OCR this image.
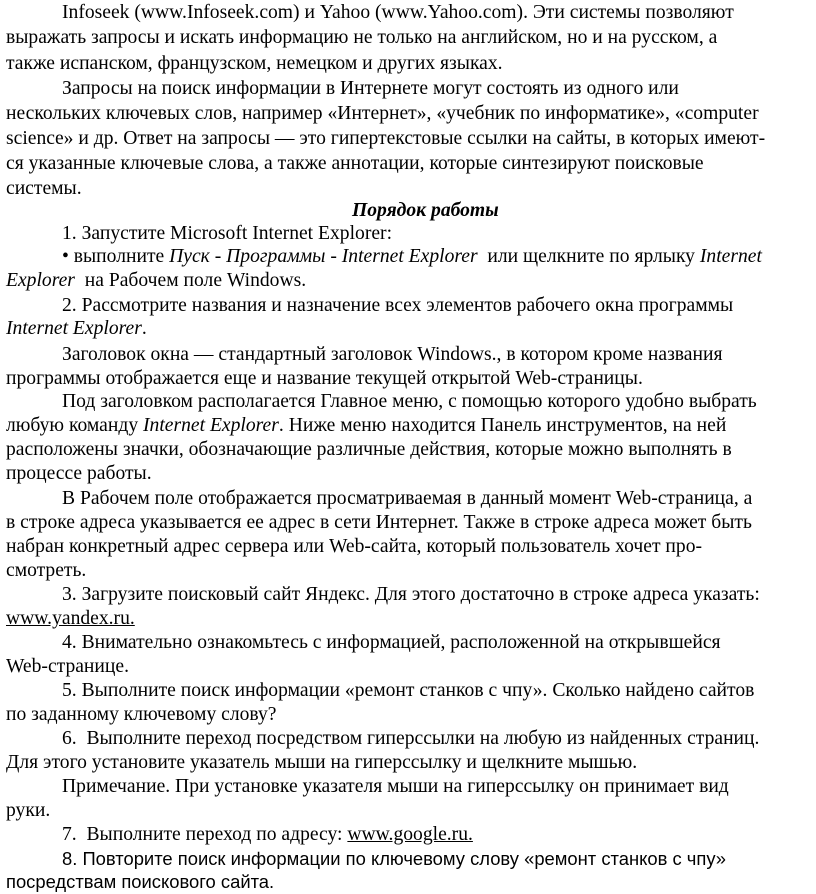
Infoseek (www.Infoseek.com) и Yahoo (www.Yahoo.com). Эти системы позволяют
выражать запросы и искать информацию не только на английском, но и на русском, а
также испанском, французском, немецком и других языках.
Запросы на поиск информации в Интернете могут состоять из одного или
нескольких ключевых слов, например «Интернет», «учебник по информатике», «computer
science» и др. Ответ на запросы — это гипертекстовые ссылки на сайты, в которых имеют-
ся указанные ключевые слова, а также аннотации, которые синтезируют поисковые
системы.
Порядок работы
1. Запустите Microsoft Internet Explorer:
• выполните Пуск - Программы - Internet Explorer  или щелкните по ярлыку Internet
Explorer  на Рабочем поле Windows.
2. Рассмотрите названия и назначение всех элементов рабочего окна программы
Internet Explorer.
Заголовок окна — стандартный заголовок Windows., в котором кроме названия
программы отображается еще и название текущей открытой Web-страницы.
Под заголовком располагается Главное меню, с помощью которого удобно выбрать
любую команду Internet Explorer. Ниже меню находится Панель инструментов, на ней
расположены значки, обозначающие различные действия, которые можно выполнять в
процессе работы.
В Рабочем поле отображается просматриваемая в данный момент Web-страница, а
в строке адреса указывается ее адрес в сети Интернет. Также в строке адреса может быть
набран конкретный адрес сервера или Web-сайта, который пользователь хочет про-
смотреть.
3. Загрузите поисковый сайт Яндекс. Для этого достаточно в строке адреса указать:
www.yandex.ru.
4. Внимательно ознакомьтесь с информацией, расположенной на открывшейся
Web-странице.
5. Выполните поиск информации «ремонт станков с чпу». Сколько найдено сайтов
по заданному ключевому слову?
6.  Выполните переход посредством гиперссылки на любую из найденных страниц.
Для этого установите указатель мыши на гиперссылку и щелкните мышью.
Примечание. При установке указателя мыши на гиперссылку он принимает вид
руки.
7.  Выполните переход по адресу: www.google.ru.
8. Повторите поиск информации по ключевому слову «ремонт станков с чпу»
посредствам поискового сайта.
